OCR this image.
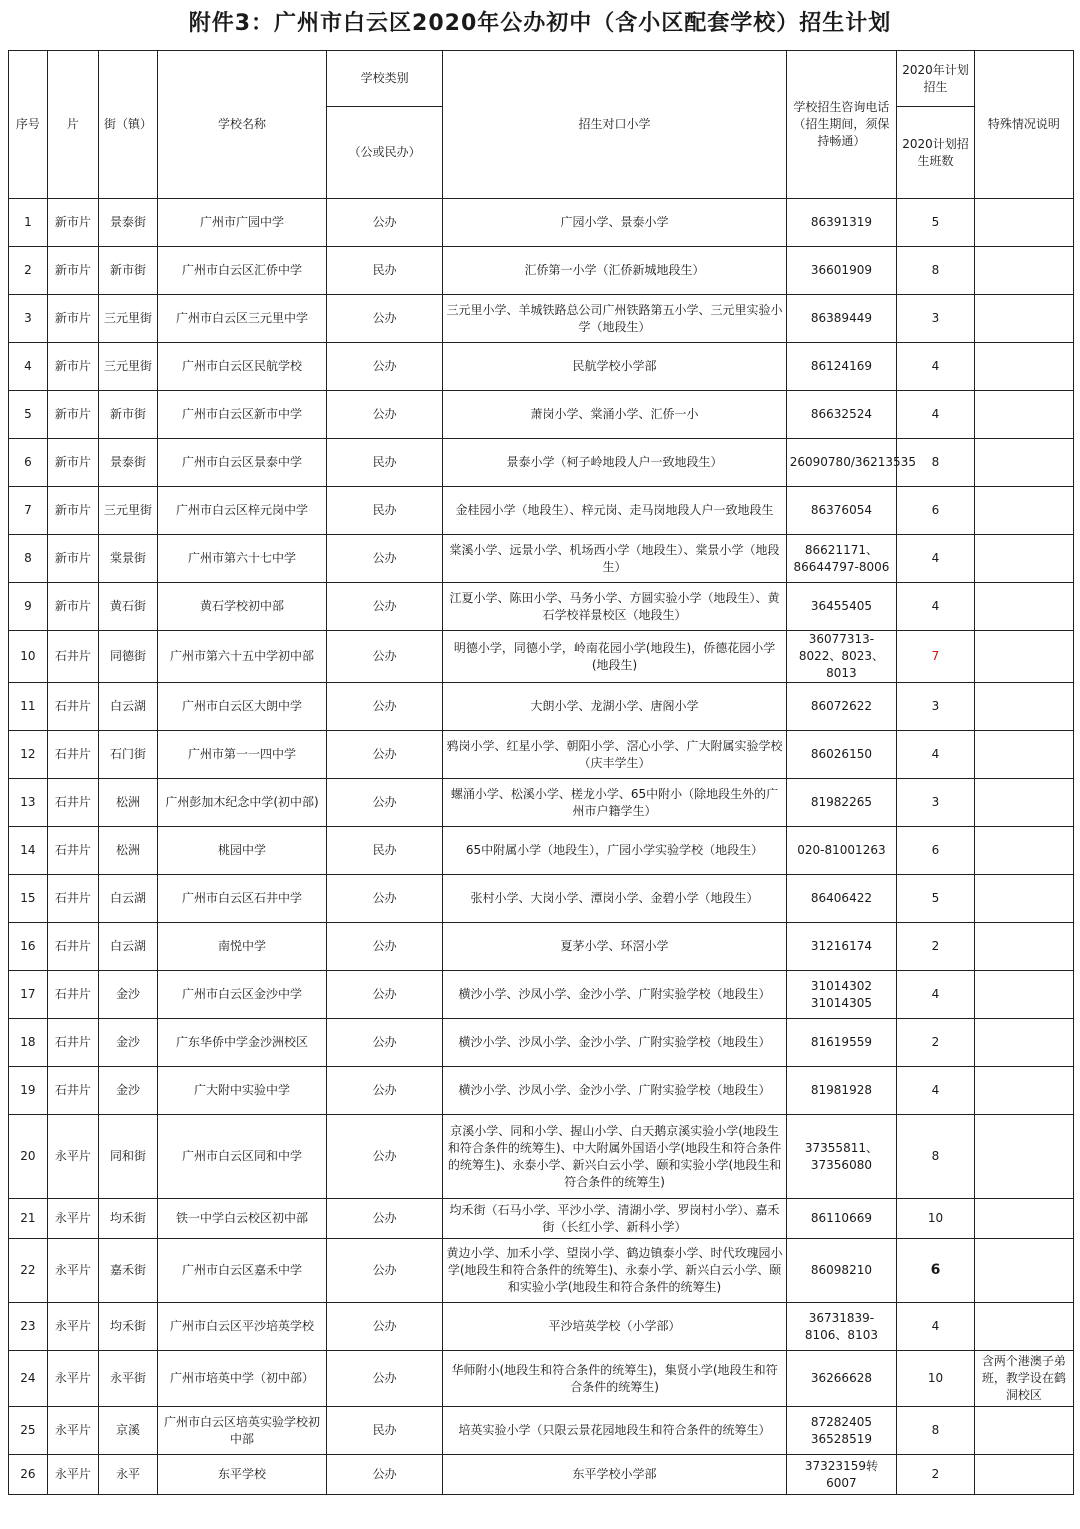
附件3：广州市白云区2020年公办初中（含小区配套学校）招生计划
序号	片	街（镇）	学校名称	学校类别	招生对口小学	学校招生咨询电话（招生期间，须保持畅通）	2020年计划招生	特殊情况说明
				（公或民办）			2020计划招生班数	
1	新市片	景泰街	广州市广园中学	公办	广园小学、景泰小学	86391319	5	
2	新市片	新市街	广州市白云区汇侨中学	民办	汇侨第一小学（汇侨新城地段生）	36601909	8	
3	新市片	三元里街	广州市白云区三元里中学	公办	三元里小学、羊城铁路总公司广州铁路第五小学、三元里实验小学（地段生）	86389449	3	
4	新市片	三元里街	广州市白云区民航学校	公办	民航学校小学部	86124169	4	
5	新市片	新市街	广州市白云区新市中学	公办	萧岗小学、棠涌小学、汇侨一小	86632524	4	
6	新市片	景泰街	广州市白云区景泰中学	民办	景泰小学（柯子岭地段人户一致地段生）	26090780/36213535	8	
7	新市片	三元里街	广州市白云区梓元岗中学	民办	金桂园小学（地段生）、梓元岗、走马岗地段人户一致地段生	86376054	6	
8	新市片	棠景街	广州市第六十七中学	公办	棠溪小学、远景小学、机场西小学（地段生）、棠景小学（地段生）	86621171、86644797-8006	4	
9	新市片	黄石街	黄石学校初中部	公办	江夏小学、陈田小学、马务小学、方圆实验小学（地段生）、黄石学校祥景校区（地段生）	36455405	4	
10	石井片	同德街	广州市第六十五中学初中部	公办	明德小学，同德小学，岭南花园小学(地段生)，侨德花园小学(地段生)	36077313-8022、8023、8013	7	
11	石井片	白云湖	广州市白云区大朗中学	公办	大朗小学、龙湖小学、唐阁小学	86072622	3	
12	石井片	石门街	广州市第一一四中学	公办	鸦岗小学、红星小学、朝阳小学、滘心小学、广大附属实验学校（庆丰学生）	86026150	4	
13	石井片	松洲	广州彭加木纪念中学(初中部)	公办	螺涌小学、松溪小学、槎龙小学、65中附小（除地段生外的广州市户籍学生）	81982265	3	
14	石井片	松洲	桃园中学	民办	65中附属小学（地段生），广园小学实验学校（地段生）	020-81001263	6	
15	石井片	白云湖	广州市白云区石井中学	公办	张村小学、大岗小学、潭岗小学、金碧小学（地段生）	86406422	5	
16	石井片	白云湖	南悦中学	公办	夏茅小学、环滘小学	31216174	2	
17	石井片	金沙	广州市白云区金沙中学	公办	横沙小学、沙凤小学、金沙小学、广附实验学校（地段生）	31014302 31014305	4	
18	石井片	金沙	广东华侨中学金沙洲校区	公办	横沙小学、沙凤小学、金沙小学、广附实验学校（地段生）	81619559	2	
19	石井片	金沙	广大附中实验中学	公办	横沙小学、沙凤小学、金沙小学、广附实验学校（地段生）	81981928	4	
20	永平片	同和街	广州市白云区同和中学	公办	京溪小学、同和小学、握山小学、白天鹅京溪实验小学(地段生和符合条件的统筹生)、中大附属外国语小学(地段生和符合条件的统筹生)、永泰小学、新兴白云小学、颐和实验小学(地段生和符合条件的统筹生)	37355811、37356080	8	
21	永平片	均禾街	铁一中学白云校区初中部	公办	均禾街（石马小学、平沙小学、清湖小学、罗岗村小学）、嘉禾街（长红小学、新科小学）	86110669	10	
22	永平片	嘉禾街	广州市白云区嘉禾中学	公办	黄边小学、加禾小学、望岗小学、鹤边镇泰小学、时代玫瑰园小学(地段生和符合条件的统筹生)、永泰小学、新兴白云小学、颐和实验小学(地段生和符合条件的统筹生)	86098210	6	
23	永平片	均禾街	广州市白云区平沙培英学校	公办	平沙培英学校（小学部）	36731839-8106、8103	4	
24	永平片	永平街	广州市培英中学（初中部）	公办	华师附小(地段生和符合条件的统筹生)，集贤小学(地段生和符合条件的统筹生)	36266628	10	含两个港澳子弟班，教学设在鹤洞校区
25	永平片	京溪	广州市白云区培英实验学校初中部	民办	培英实验小学（只限云景花园地段生和符合条件的统筹生）	87282405 36528519	8	
26	永平片	永平	东平学校	公办	东平学校小学部	37323159转6007	2	
